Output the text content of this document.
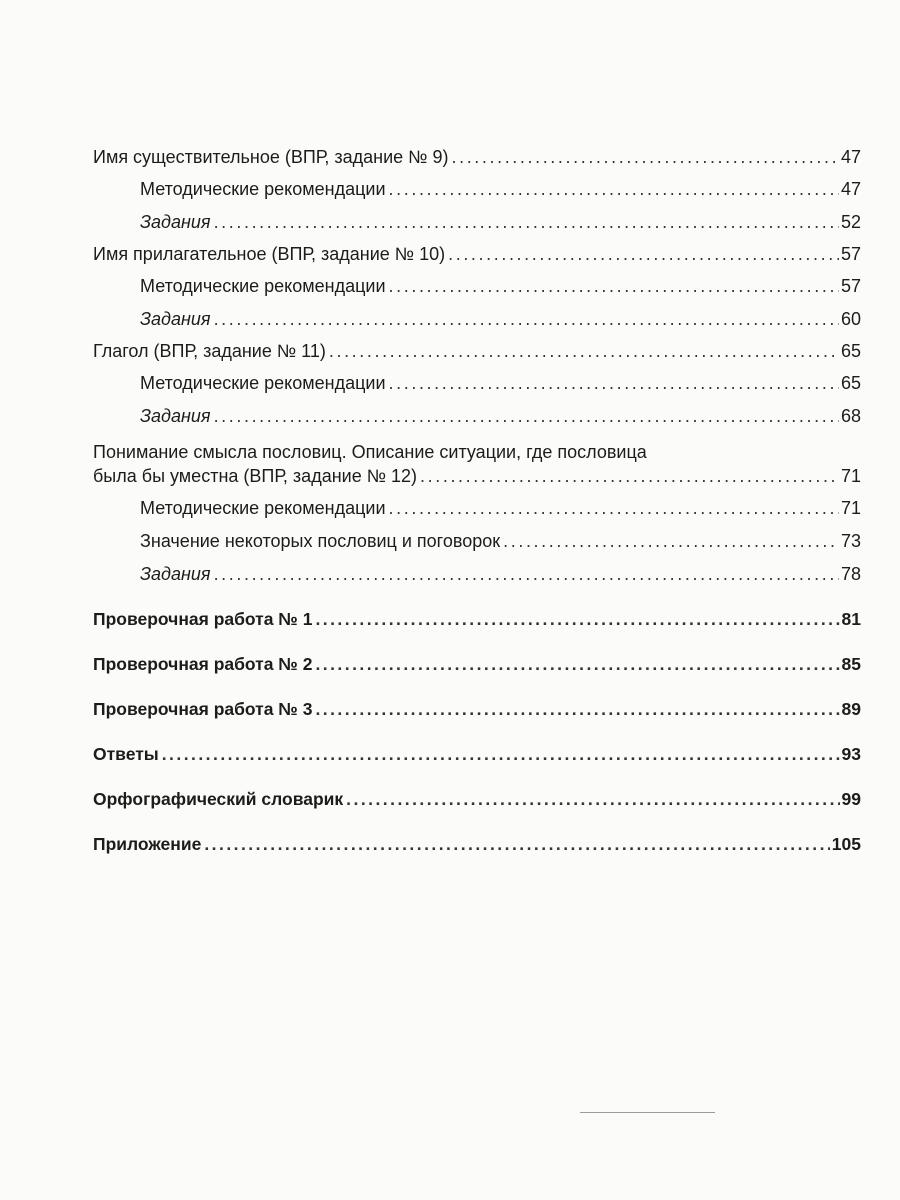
Имя существительное (ВПР, задание № 9) . . .	47
Методические рекомендации . . .	47
Задания . . .	52
Имя прилагательное (ВПР, задание № 10) . . .	57
Методические рекомендации . . .	57
Задания . . .	60
Глагол (ВПР, задание № 11) . . .	65
Методические рекомендации . . .	65
Задания . . .	68
Понимание смысла пословиц. Описание ситуации, где пословица
была бы уместна (ВПР, задание № 12) . . .	71
Методические рекомендации . . .	71
Значение некоторых пословиц и поговорок . . .	73
Задания . . .	78
Проверочная работа № 1 . . .	81
Проверочная работа № 2 . . .	85
Проверочная работа № 3 . . .	89
Ответы . . .	93
Орфографический словарик . . .	99
Приложение . . .	105
